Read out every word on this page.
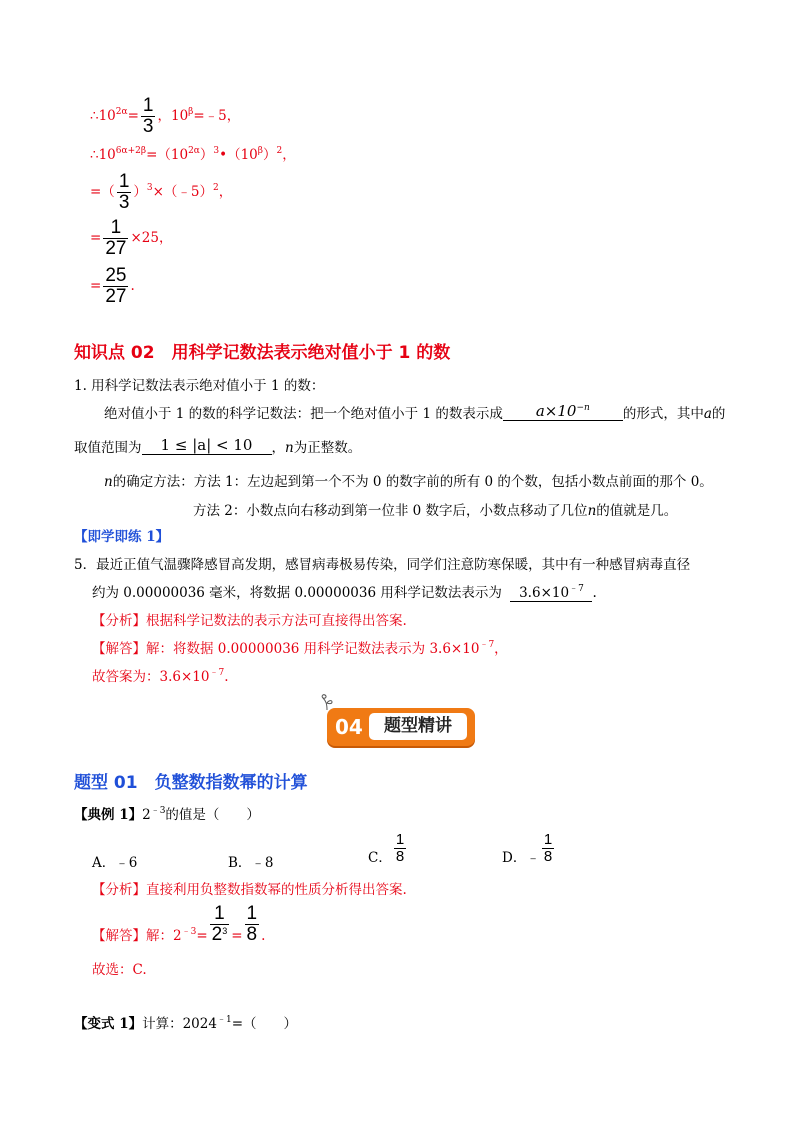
$\therefore 10^{2\alpha}= \frac{1}{3}$ ，$10^\beta=﹣5$，
$\therefore 10^{6\alpha+2\beta}=(10^{2\alpha})^3•(10^\beta)^2$，
=（ $\frac{1}{3}$ ）$^3$×（﹣5）$^2$，
= $\frac{1}{27} \times 25$，
= $\frac{25}{27}$ .
知识点 02　用科学记数法表示绝对值小于 1 的数
1. 用科学记数法表示绝对值小于 1 的数：
绝对值小于 1 的数的科学记数法：把一个绝对值小于 1 的数表示成 $a\times 10^{-n}$ 的形式，其中a的
取值范围为 1 ≤ |a| < 10 ，n为正整数。
n的确定方法：方法 1：左边起到第一个不为 0 的数字前的所有 0 的个数，包括小数点前面的那个 0。
方法 2：小数点向右移动到第一位非 0 数字后，小数点移动了几位n的值就是几。
【即学即练 1】
5．最近正值气温骤降感冒高发期，感冒病毒极易传染，同学们注意防寒保暖，其中有一种感冒病毒直径
约为 0.00000036 毫米，将数据 0.00000036 用科学记数法表示为 $3.6\times 10^{﹣7}$ .
【分析】根据科学记数法的表示方法可直接得出答案.
【解答】解：将数据 0.00000036 用科学记数法表示为 $3.6\times 10^{﹣7}$，
故答案为：$3.6\times 10^{﹣7}$.
04	题型精讲
题型 01　负整数指数幂的计算
【典例 1】$2^{﹣3}$的值是（　　）
A．﹣6	B．﹣8	C． $\frac{1}{8}$	D．﹣ $\frac{1}{8}$
【分析】直接利用负整数指数幂的性质分析得出答案.
【解答】解：$2^{﹣3}= \frac{1}{2^3} = \frac{1}{8}$ .
故选：C.
【变式 1】计算：$2024^{﹣1}=$（　　）
